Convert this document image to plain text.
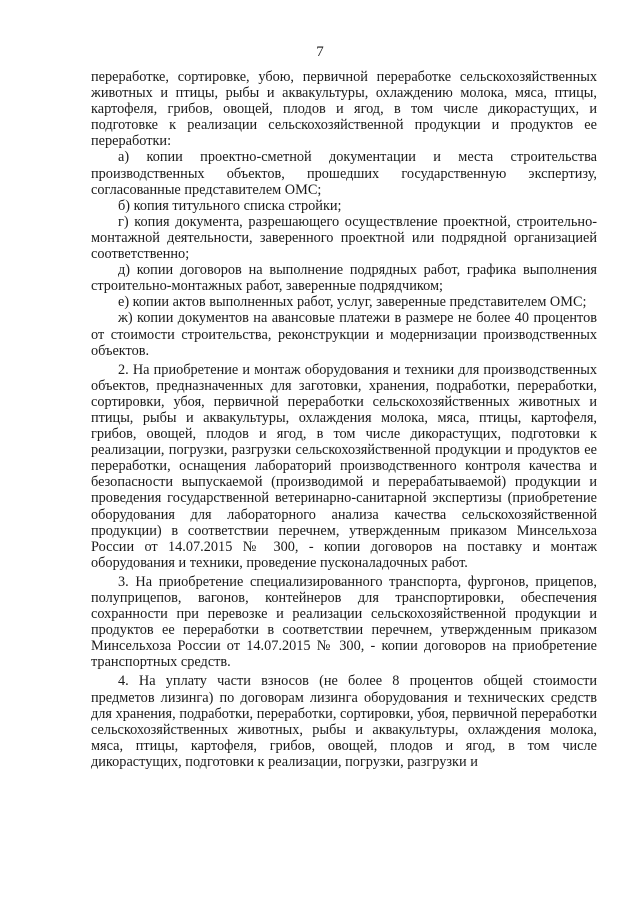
7

переработке, сортировке, убою, первичной переработке сельскохозяйственных животных и птицы, рыбы и аквакультуры, охлаждению молока, мяса, птицы, картофеля, грибов, овощей, плодов и ягод, в том числе дикорастущих, и подготовке к реализации сельскохозяйственной продукции и продуктов ее переработки:

а) копии проектно-сметной документации и места строительства производственных объектов, прошедших государственную экспертизу, согласованные представителем ОМС;

б) копия титульного списка стройки;

г) копия документа, разрешающего осуществление проектной, строительно-монтажной деятельности, заверенного проектной или подрядной организацией соответственно;

д) копии договоров на выполнение подрядных работ, графика выполнения строительно-монтажных работ, заверенные подрядчиком;

е) копии актов выполненных работ, услуг, заверенные представителем ОМС;

ж) копии документов на авансовые платежи в размере не более 40 процентов от стоимости строительства, реконструкции и модернизации производственных объектов.

2. На приобретение и монтаж оборудования и техники для производственных объектов, предназначенных для заготовки, хранения, подработки, переработки, сортировки, убоя, первичной переработки сельскохозяйственных животных и птицы, рыбы и аквакультуры, охлаждения молока, мяса, птицы, картофеля, грибов, овощей, плодов и ягод, в том числе дикорастущих, подготовки к реализации, погрузки, разгрузки сельскохозяйственной продукции и продуктов ее переработки, оснащения лабораторий производственного контроля качества и безопасности выпускаемой (производимой и перерабатываемой) продукции и проведения государственной ветеринарно-санитарной экспертизы (приобретение оборудования для лабораторного анализа качества сельскохозяйственной продукции) в соответствии перечнем, утвержденным приказом Минсельхоза России от 14.07.2015 № 300, - копии договоров на поставку и монтаж оборудования и техники, проведение пусконаладочных работ.

3. На приобретение специализированного транспорта, фургонов, прицепов, полуприцепов, вагонов, контейнеров для транспортировки, обеспечения сохранности при перевозке и реализации сельскохозяйственной продукции и продуктов ее переработки в соответствии перечнем, утвержденным приказом Минсельхоза России от 14.07.2015 № 300, - копии договоров на приобретение транспортных средств.

4. На уплату части взносов (не более 8 процентов общей стоимости предметов лизинга) по договорам лизинга оборудования и технических средств для хранения, подработки, переработки, сортировки, убоя, первичной переработки сельскохозяйственных животных, рыбы и аквакультуры, охлаждения молока, мяса, птицы, картофеля, грибов, овощей, плодов и ягод, в том числе дикорастущих, подготовки к реализации, погрузки, разгрузки и
